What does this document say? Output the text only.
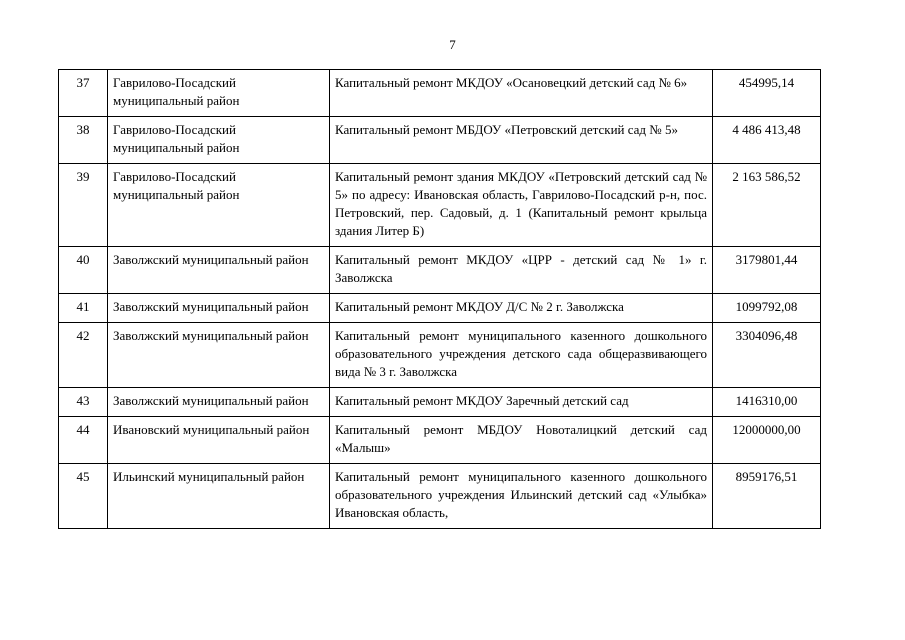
7
37	Гаврилово-Посадский муниципальный район	Капитальный ремонт МКДОУ «Осановецкий детский сад № 6»	454995,14
38	Гаврилово-Посадский муниципальный район	Капитальный ремонт МБДОУ «Петровский детский сад № 5»	4 486 413,48
39	Гаврилово-Посадский муниципальный район	Капитальный ремонт здания МКДОУ «Петровский детский сад № 5» по адресу: Ивановская область, Гаврилово-Посадский р-н, пос. Петровский, пер. Садовый, д. 1 (Капитальный ремонт крыльца здания Литер Б)	2 163 586,52
40	Заволжский муниципальный район	Капитальный ремонт МКДОУ «ЦРР - детский сад № 1» г. Заволжска	3179801,44
41	Заволжский муниципальный район	Капитальный ремонт МКДОУ Д/С № 2 г. Заволжска	1099792,08
42	Заволжский муниципальный район	Капитальный ремонт муниципального казенного дошкольного образовательного учреждения детского сада общеразвивающего вида № 3 г. Заволжска	3304096,48
43	Заволжский муниципальный район	Капитальный ремонт МКДОУ Заречный детский сад	1416310,00
44	Ивановский муниципальный район	Капитальный ремонт МБДОУ Новоталицкий детский сад «Малыш»	12000000,00
45	Ильинский муниципальный район	Капитальный ремонт муниципального казенного дошкольного образовательного учреждения Ильинский детский сад «Улыбка» Ивановская область,	8959176,51
